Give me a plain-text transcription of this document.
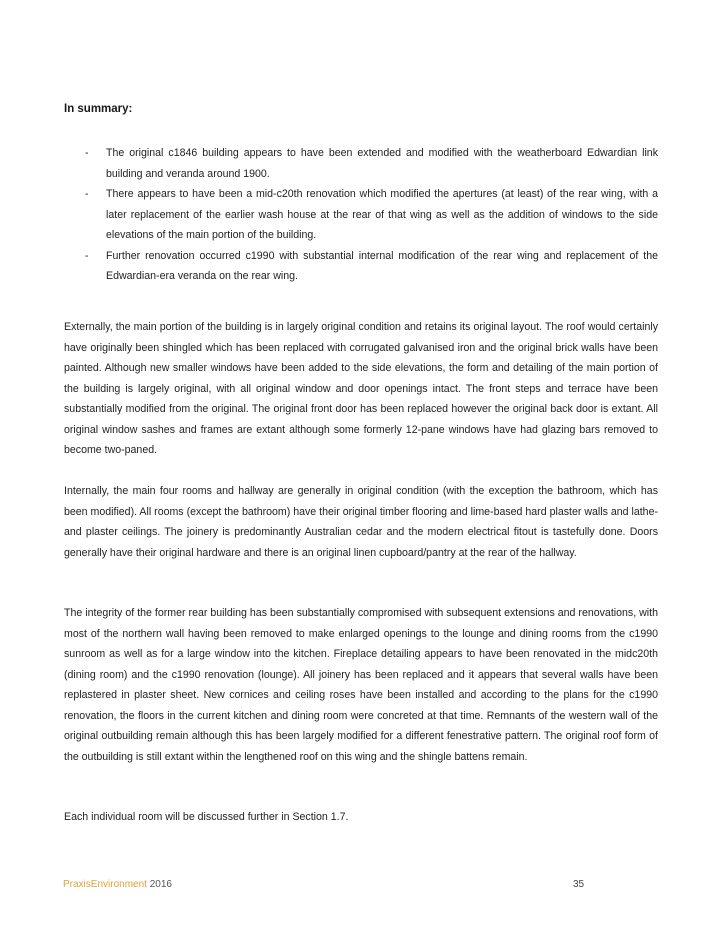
In summary:
- The original c1846 building appears to have been extended and modified with the weatherboard Edwardian link building and veranda around 1900.
- There appears to have been a mid-c20th renovation which modified the apertures (at least) of the rear wing, with a later replacement of the earlier wash house at the rear of that wing as well as the addition of windows to the side elevations of the main portion of the building.
- Further renovation occurred c1990 with substantial internal modification of the rear wing and replacement of the Edwardian-era veranda on the rear wing.

Externally, the main portion of the building is in largely original condition and retains its original layout. The roof would certainly have originally been shingled which has been replaced with corrugated galvanised iron and the original brick walls have been painted. Although new smaller windows have been added to the side elevations, the form and detailing of the main portion of the building is largely original, with all original window and door openings intact. The front steps and terrace have been substantially modified from the original. The original front door has been replaced however the original back door is extant. All original window sashes and frames are extant although some formerly 12-pane windows have had glazing bars removed to become two-paned.

Internally, the main four rooms and hallway are generally in original condition (with the exception the bathroom, which has been modified). All rooms (except the bathroom) have their original timber flooring and lime-based hard plaster walls and lathe-and plaster ceilings. The joinery is predominantly Australian cedar and the modern electrical fitout is tastefully done. Doors generally have their original hardware and there is an original linen cupboard/pantry at the rear of the hallway.

The integrity of the former rear building has been substantially compromised with subsequent extensions and renovations, with most of the northern wall having been removed to make enlarged openings to the lounge and dining rooms from the c1990 sunroom as well as for a large window into the kitchen. Fireplace detailing appears to have been renovated in the midc20th (dining room) and the c1990 renovation (lounge). All joinery has been replaced and it appears that several walls have been replastered in plaster sheet. New cornices and ceiling roses have been installed and according to the plans for the c1990 renovation, the floors in the current kitchen and dining room were concreted at that time. Remnants of the western wall of the original outbuilding remain although this has been largely modified for a different fenestrative pattern. The original roof form of the outbuilding is still extant within the lengthened roof on this wing and the shingle battens remain.

Each individual room will be discussed further in Section 1.7.

PraxisEnvironment 2016	35
